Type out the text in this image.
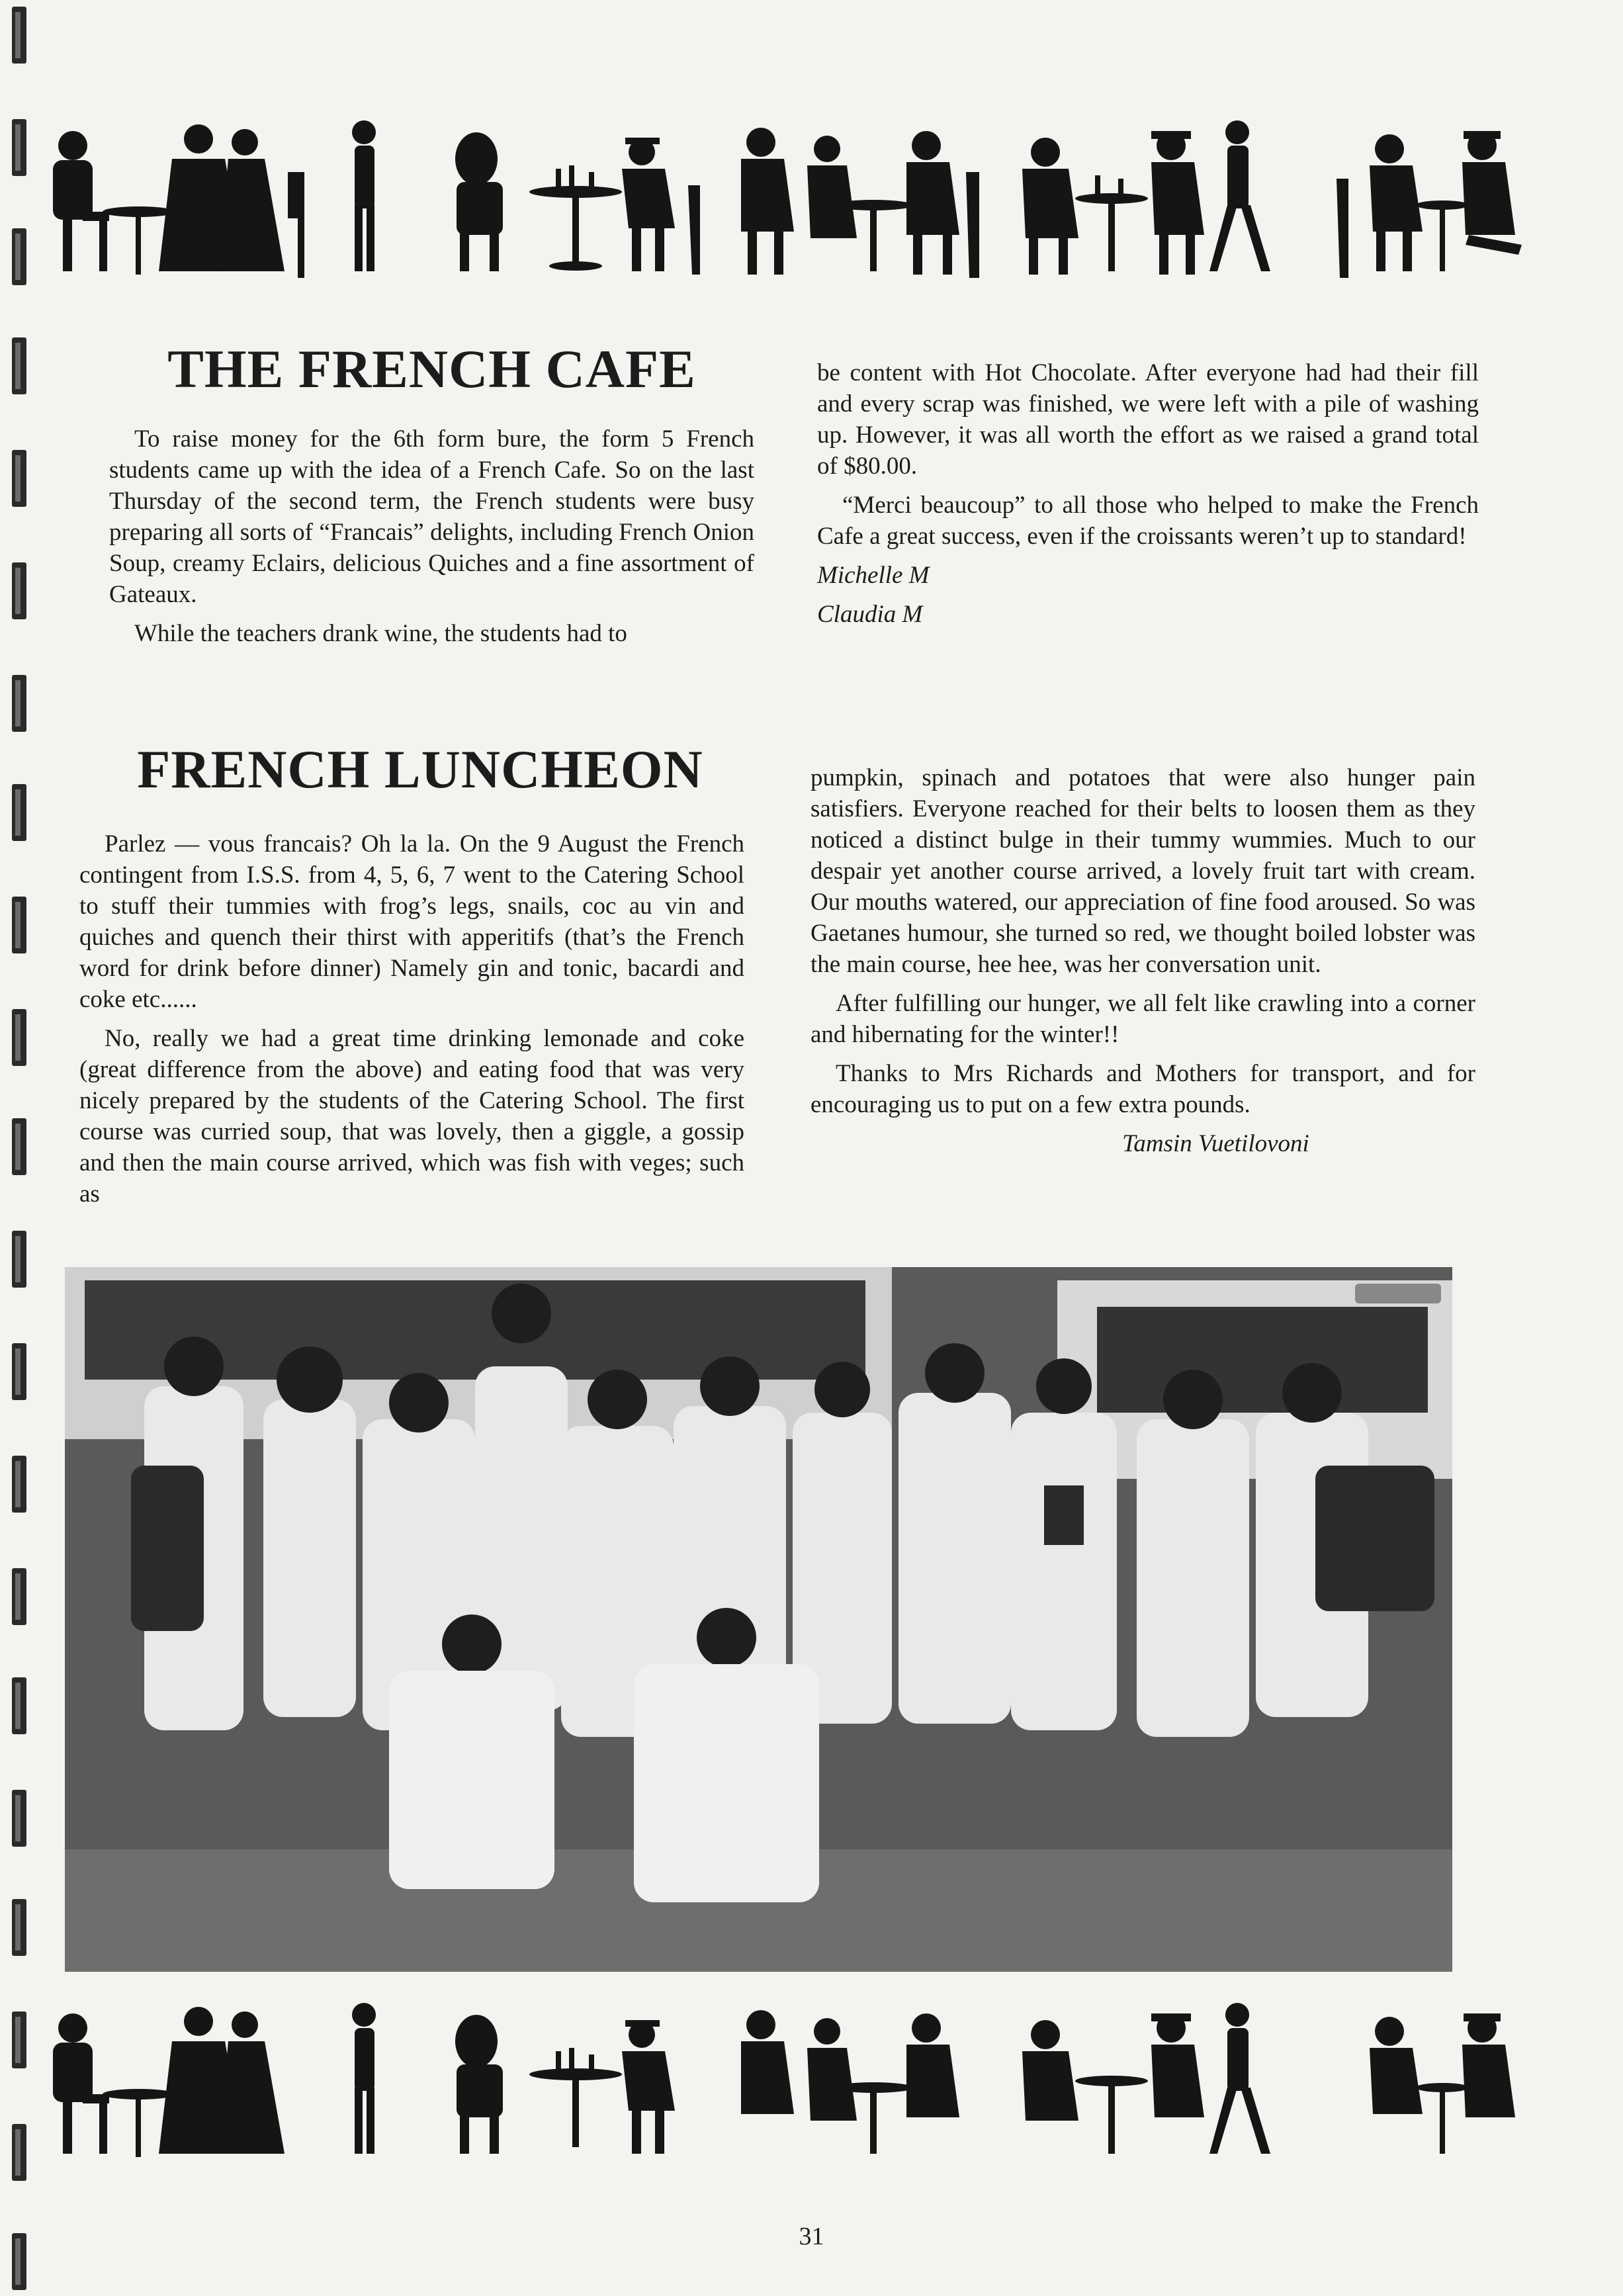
THE FRENCH CAFE

To raise money for the 6th form bure, the form 5 French students came up with the idea of a French Cafe. So on the last Thursday of the second term, the French students were busy preparing all sorts of “Francais” delights, including French Onion Soup, creamy Eclairs, delicious Quiches and a fine assortment of Gateaux.

While the teachers drank wine, the students had to

be content with Hot Chocolate. After everyone had had their fill and every scrap was finished, we were left with a pile of washing up. However, it was all worth the effort as we raised a grand total of $80.00.

“Merci beaucoup” to all those who helped to make the French Cafe a great success, even if the croissants weren’t up to standard!

Michelle M

Claudia M

FRENCH LUNCHEON

Parlez — vous francais? Oh la la. On the 9 August the French contingent from I.S.S. from 4, 5, 6, 7 went to the Catering School to stuff their tummies with frog’s legs, snails, coc au vin and quiches and quench their thirst with apperitifs (that’s the French word for drink before dinner) Namely gin and tonic, bacardi and coke etc......

No, really we had a great time drinking lemonade and coke (great difference from the above) and eating food that was very nicely prepared by the students of the Catering School. The first course was curried soup, that was lovely, then a giggle, a gossip and then the main course arrived, which was fish with veges; such as

pumpkin, spinach and potatoes that were also hunger pain satisfiers. Everyone reached for their belts to loosen them as they noticed a distinct bulge in their tummy wummies. Much to our despair yet another course arrived, a lovely fruit tart with cream. Our mouths watered, our appreciation of fine food aroused. So was Gaetanes humour, she turned so red, we thought boiled lobster was the main course, hee hee, was her conversation unit.

After fulfilling our hunger, we all felt like crawling into a corner and hibernating for the winter!!

Thanks to Mrs Richards and Mothers for transport, and for encouraging us to put on a few extra pounds.

Tamsin Vuetilovoni

31
